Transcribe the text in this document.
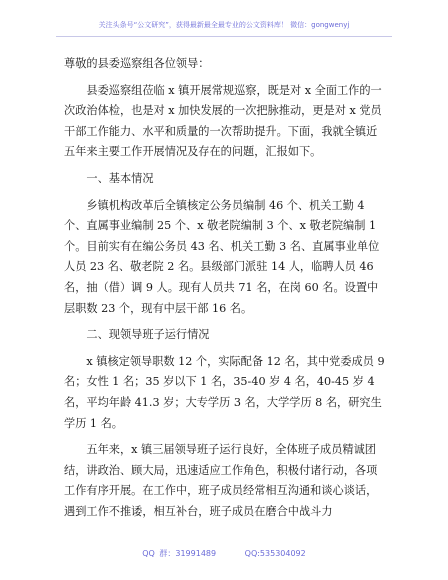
关注头条号“公文研究”，获得最新最全最专业的公文资料库！ 微信：gongwenyj

尊敬的县委巡察组各位领导：

县委巡察组莅临 x 镇开展常规巡察，既是对 x 全面工作的一次政治体检，也是对 x 加快发展的一次把脉推动，更是对 x 党员干部工作能力、水平和质量的一次帮助提升。下面，我就全镇近五年来主要工作开展情况及存在的问题，汇报如下。

一、基本情况

乡镇机构改革后全镇核定公务员编制 46 个、机关工勤 4 个、直属事业编制 25 个、x 敬老院编制 3 个、x 敬老院编制 1 个。目前实有在编公务员 43 名、机关工勤 3 名、直属事业单位人员 23 名、敬老院 2 名。县级部门派驻 14 人，临聘人员 46 名，抽（借）调 9 人。现有人员共 71 名，在岗 60 名。设置中层职数 23 个，现有中层干部 16 名。

二、现领导班子运行情况

x 镇核定领导职数 12 个，实际配备 12 名，其中党委成员 9 名；女性 1 名；35 岁以下 1 名，35-40 岁 4 名，40-45 岁 4 名，平均年龄 41.3 岁；大专学历 3 名，大学学历 8 名，研究生学历 1 名。

五年来，x 镇三届领导班子运行良好，全体班子成员精诚团结，讲政治、顾大局，迅速适应工作角色，积极付诸行动，各项工作有序开展。在工作中，班子成员经常相互沟通和谈心谈话，遇到工作不推诿，相互补台，班子成员在磨合中战斗力

QQ 群：31991489	QQ:535304092
